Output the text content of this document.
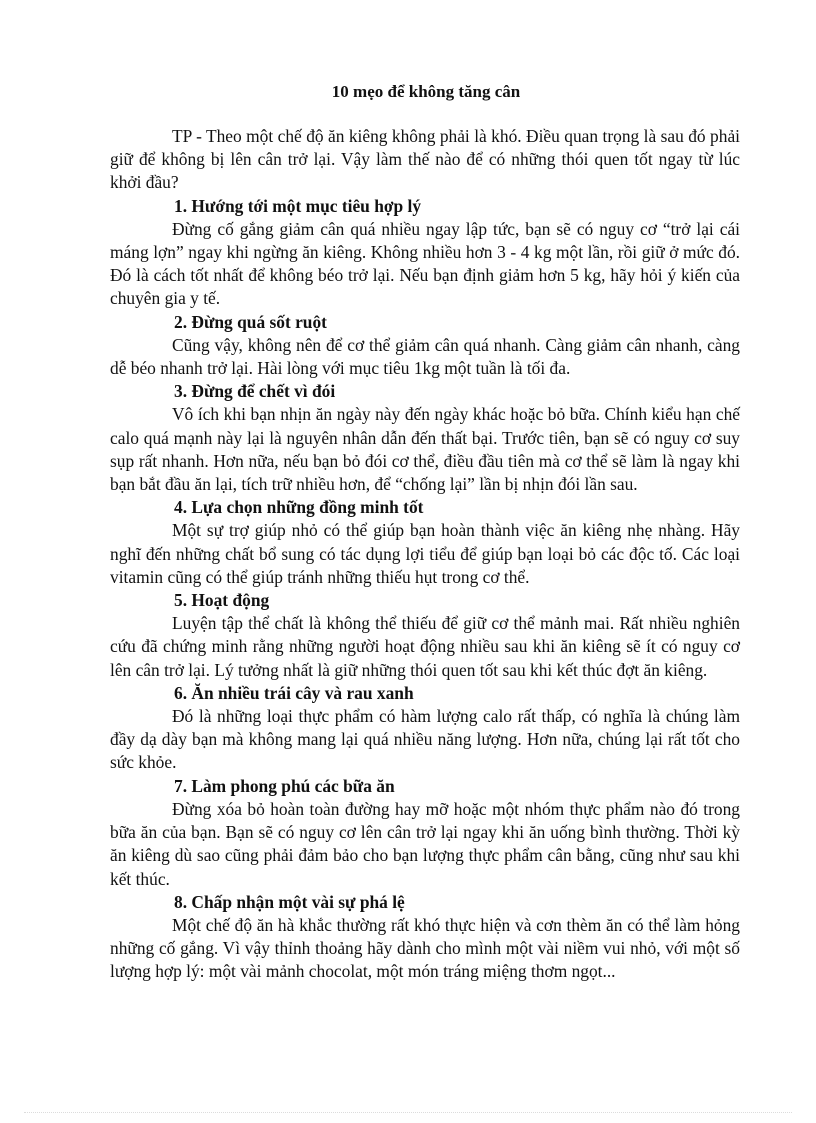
10 mẹo để không tăng cân

TP - Theo một chế độ ăn kiêng không phải là khó. Điều quan trọng là sau đó phải giữ để không bị lên cân trở lại. Vậy làm thế nào để có những thói quen tốt ngay từ lúc khởi đầu?

1. Hướng tới một mục tiêu hợp lý

Đừng cố gắng giảm cân quá nhiều ngay lập tức, bạn sẽ có nguy cơ “trở lại cái máng lợn” ngay khi ngừng ăn kiêng. Không nhiều hơn 3 - 4 kg một lần, rồi giữ ở mức đó. Đó là cách tốt nhất để không béo trở lại. Nếu bạn định giảm hơn 5 kg, hãy hỏi ý kiến của chuyên gia y tế.

2. Đừng quá sốt ruột

Cũng vậy, không nên để cơ thể giảm cân quá nhanh. Càng giảm cân nhanh, càng dễ béo nhanh trở lại. Hài lòng với mục tiêu 1kg một tuần là tối đa.

3. Đừng để chết vì đói

Vô ích khi bạn nhịn ăn ngày này đến ngày khác hoặc bỏ bữa. Chính kiểu hạn chế calo quá mạnh này lại là nguyên nhân dẫn đến thất bại. Trước tiên, bạn sẽ có nguy cơ suy sụp rất nhanh. Hơn nữa, nếu bạn bỏ đói cơ thể, điều đầu tiên mà cơ thể sẽ làm là ngay khi bạn bắt đầu ăn lại, tích trữ nhiều hơn, để “chống lại” lần bị nhịn đói lần sau.

4. Lựa chọn những đồng minh tốt

Một sự trợ giúp nhỏ có thể giúp bạn hoàn thành việc ăn kiêng nhẹ nhàng. Hãy nghĩ đến những chất bổ sung có tác dụng lợi tiểu để giúp bạn loại bỏ các độc tố. Các loại vitamin cũng có thể giúp tránh những thiếu hụt trong cơ thể.

5. Hoạt động

Luyện tập thể chất là không thể thiếu để giữ cơ thể mảnh mai. Rất nhiều nghiên cứu đã chứng minh rằng những người hoạt động nhiều sau khi ăn kiêng sẽ ít có nguy cơ lên cân trở lại. Lý tưởng nhất là giữ những thói quen tốt sau khi kết thúc đợt ăn kiêng.

6. Ăn nhiều trái cây và rau xanh

Đó là những loại thực phẩm có hàm lượng calo rất thấp, có nghĩa là chúng làm đầy dạ dày bạn mà không mang lại quá nhiều năng lượng. Hơn nữa, chúng lại rất tốt cho sức khỏe.

7. Làm phong phú các bữa ăn

Đừng xóa bỏ hoàn toàn đường hay mỡ hoặc một nhóm thực phẩm nào đó trong bữa ăn của bạn. Bạn sẽ có nguy cơ lên cân trở lại ngay khi ăn uống bình thường. Thời kỳ ăn kiêng dù sao cũng phải đảm bảo cho bạn lượng thực phẩm cân bằng, cũng như sau khi kết thúc.

8. Chấp nhận một vài sự phá lệ

Một chế độ ăn hà khắc thường rất khó thực hiện và cơn thèm ăn có thể làm hỏng những cố gắng. Vì vậy thỉnh thoảng hãy dành cho mình một vài niềm vui nhỏ, với một số lượng hợp lý: một vài mảnh chocolat, một món tráng miệng thơm ngọt...
